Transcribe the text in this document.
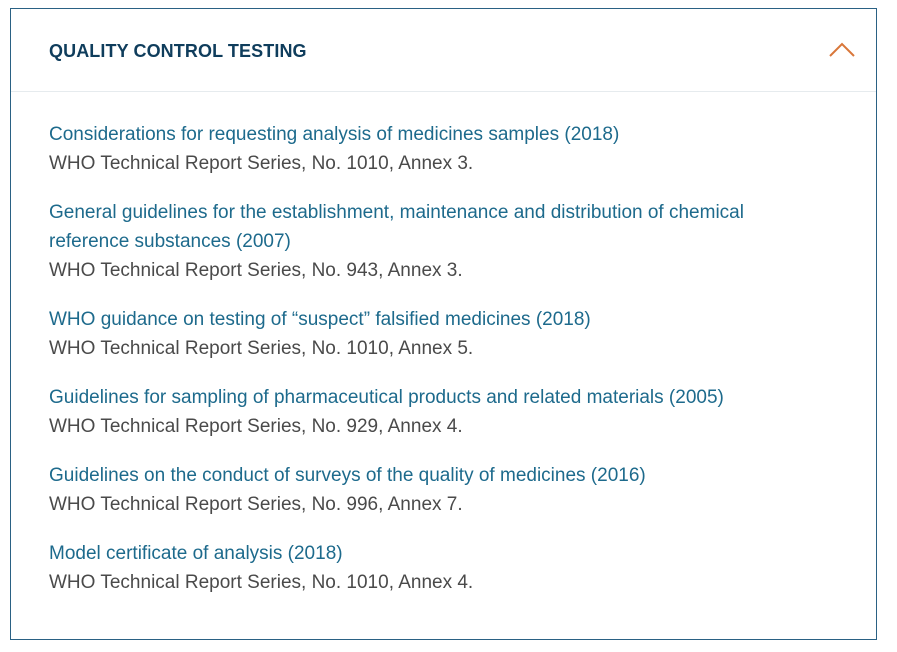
QUALITY CONTROL TESTING
Considerations for requesting analysis of medicines samples (2018)
WHO Technical Report Series, No. 1010, Annex 3.
General guidelines for the establishment, maintenance and distribution of chemical reference substances (2007)
WHO Technical Report Series, No. 943, Annex 3.
WHO guidance on testing of “suspect” falsified medicines (2018)
WHO Technical Report Series, No. 1010, Annex 5.
Guidelines for sampling of pharmaceutical products and related materials (2005)
WHO Technical Report Series, No. 929, Annex 4.
Guidelines on the conduct of surveys of the quality of medicines (2016)
WHO Technical Report Series, No. 996, Annex 7.
Model certificate of analysis (2018)
WHO Technical Report Series, No. 1010, Annex 4.
